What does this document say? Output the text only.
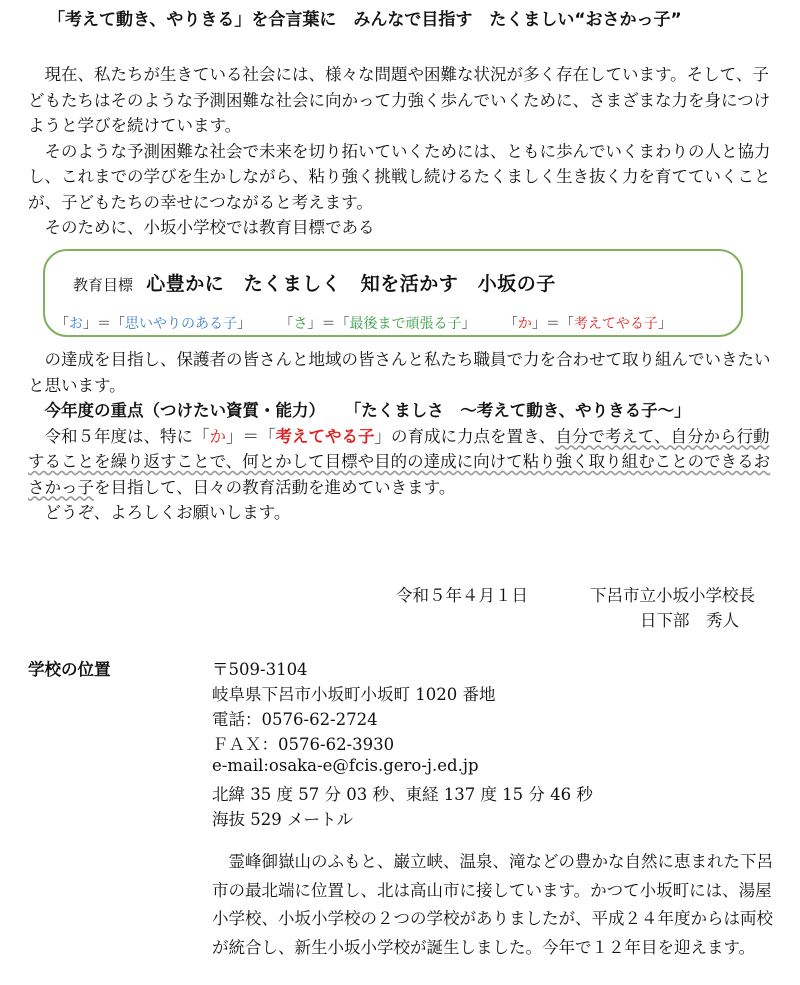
「考えて動き、やりきる」を合言葉に　みんなで目指す　たくましい“おさかっ子”

現在、私たちが生きている社会には、様々な問題や困難な状況が多く存在しています。そして、子どもたちはそのような予測困難な社会に向かって力強く歩んでいくために、さまざまな力を身につけようと学びを続けています。

そのような予測困難な社会で未来を切り拓いていくためには、ともに歩んでいくまわりの人と協力し、これまでの学びを生かしながら、粘り強く挑戦し続けるたくましく生き抜く力を育てていくことが、子どもたちの幸せにつながると考えます。

そのために、小坂小学校では教育目標である

教育目標 心豊かに　たくましく　知を活かす　小坂の子
「お」＝「思いやりのある子」 「さ」＝「最後まで頑張る子」 「か」＝「考えてやる子」

の達成を目指し、保護者の皆さんと地域の皆さんと私たち職員で力を合わせて取り組んでいきたいと思います。

今年度の重点（つけたい資質・能力） 「たくましさ　～考えて動き、やりきる子～」

令和５年度は、特に「か」＝「考えてやる子」の育成に力点を置き、自分で考えて、自分から行動することを繰り返すことで、何とかして目標や目的の達成に向けて粘り強く取り組むことのできるおさかっ子を目指して、日々の教育活動を進めていきます。

どうぞ、よろしくお願いします。

令和５年４月１日	下呂市立小坂小学校長
日下部　秀人
学校の位置	〒509-3104
岐阜県下呂市小坂町小坂町 1020 番地
電話：0576-62-2724
ＦＡＸ：0576-62-3930
e-mail:osaka-e@fcis.gero-j.ed.jp
北緯 35 度 57 分 03 秒、東経 137 度 15 分 46 秒
海抜 529 メートル

霊峰御嶽山のふもと、巌立峡、温泉、滝などの豊かな自然に恵まれた下呂市の最北端に位置し、北は高山市に接しています。かつて小坂町には、湯屋小学校、小坂小学校の２つの学校がありましたが、平成２４年度からは両校が統合し、新生小坂小学校が誕生しました。今年で１２年目を迎えます。
